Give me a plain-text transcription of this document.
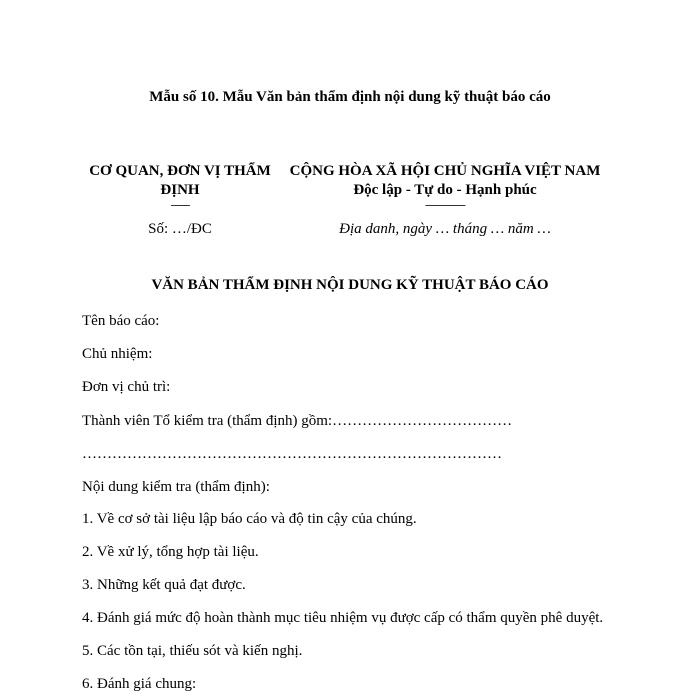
Mẫu số 10. Mẫu Văn bản thẩm định nội dung kỹ thuật báo cáo
CƠ QUAN, ĐƠN VỊ THẨM
ĐỊNH
-------
CỘNG HÒA XÃ HỘI CHỦ NGHĨA VIỆT NAM
Độc lập - Tự do - Hạnh phúc
---------------
Số: …/ĐC	Địa danh, ngày … tháng … năm …
VĂN BẢN THẨM ĐỊNH NỘI DUNG KỸ THUẬT BÁO CÁO
Tên báo cáo:
Chủ nhiệm:
Đơn vị chủ trì:
Thành viên Tổ kiểm tra (thẩm định) gồm:………………………………
…………………………………………………………………………
Nội dung kiểm tra (thẩm định):
1. Về cơ sở tài liệu lập báo cáo và độ tin cậy của chúng.
2. Về xử lý, tổng hợp tài liệu.
3. Những kết quả đạt được.
4. Đánh giá mức độ hoàn thành mục tiêu nhiệm vụ được cấp có thẩm quyền phê duyệt.
5. Các tồn tại, thiếu sót và kiến nghị.
6. Đánh giá chung:
